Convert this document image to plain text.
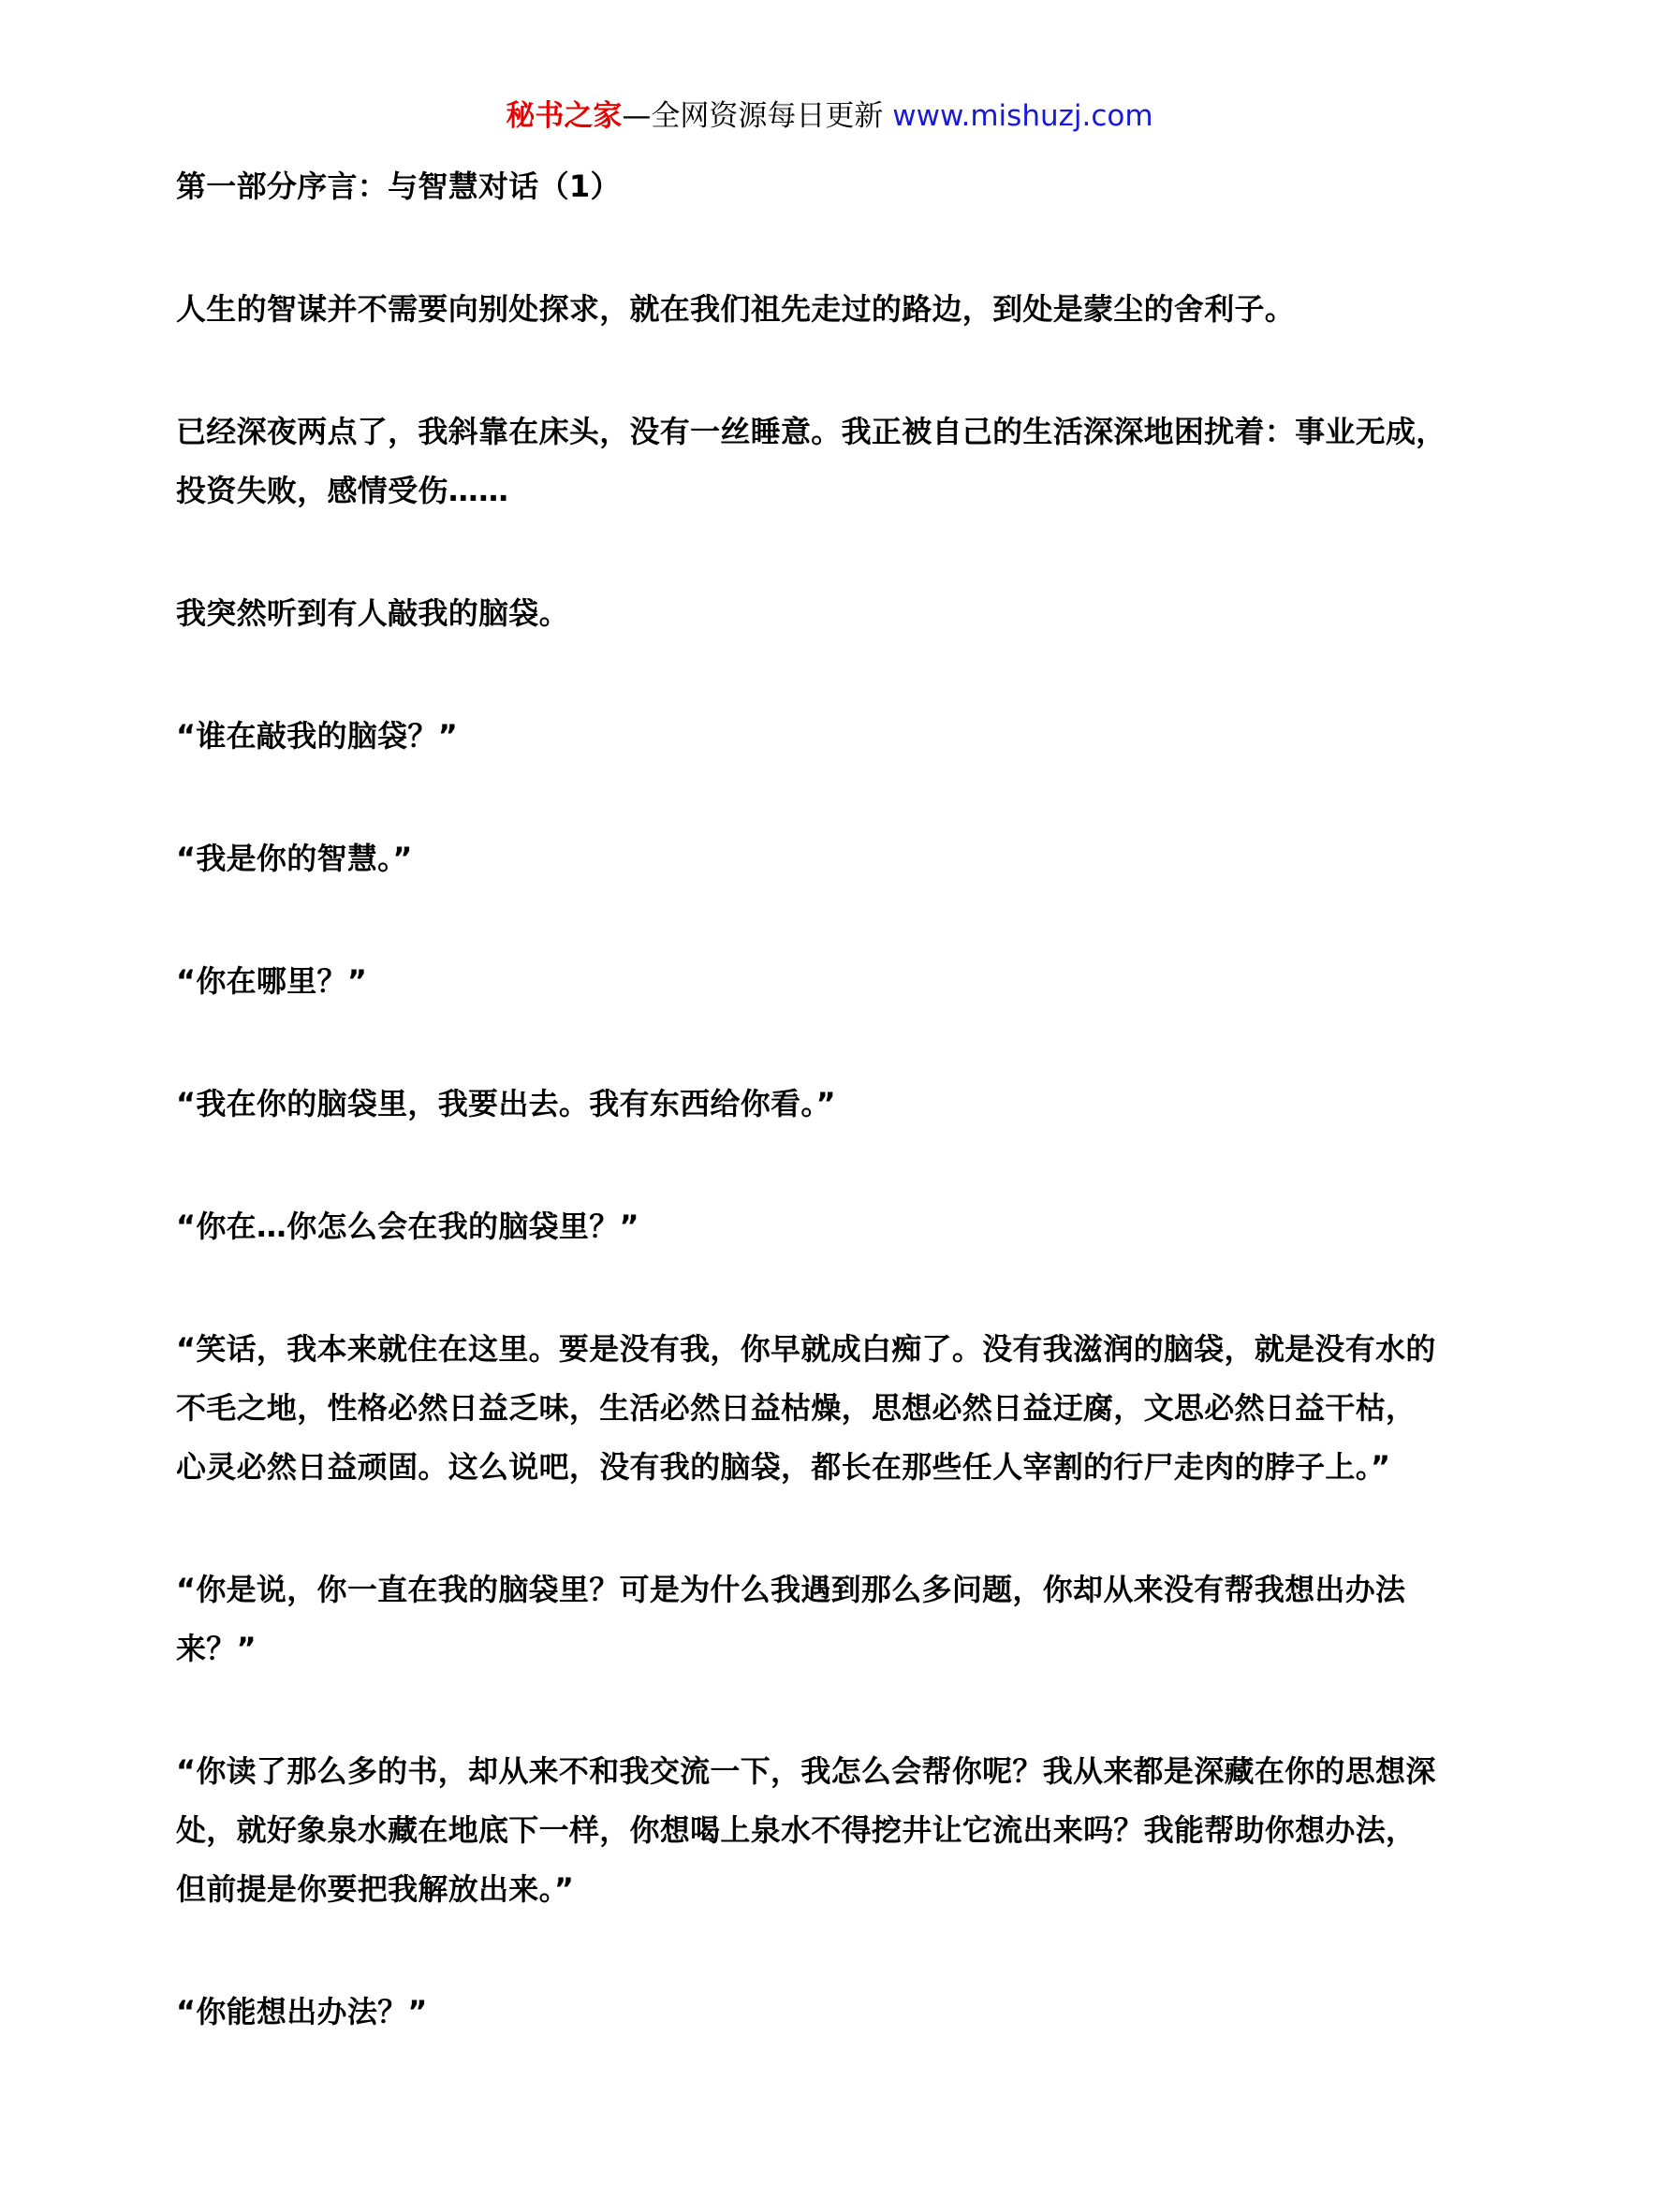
秘书之家—全网资源每日更新 www.mishuzj.com

第一部分序言：与智慧对话（1）

人生的智谋并不需要向别处探求，就在我们祖先走过的路边，到处是蒙尘的舍利子。

已经深夜两点了，我斜靠在床头，没有一丝睡意。我正被自己的生活深深地困扰着：事业无成，
投资失败，感情受伤……

我突然听到有人敲我的脑袋。

“谁在敲我的脑袋？”

“我是你的智慧。”

“你在哪里？”

“我在你的脑袋里，我要出去。我有东西给你看。”

“你在…你怎么会在我的脑袋里？”

“笑话，我本来就住在这里。要是没有我，你早就成白痴了。没有我滋润的脑袋，就是没有水的
不毛之地，性格必然日益乏味，生活必然日益枯燥，思想必然日益迂腐，文思必然日益干枯，
心灵必然日益顽固。这么说吧，没有我的脑袋，都长在那些任人宰割的行尸走肉的脖子上。”

“你是说，你一直在我的脑袋里？可是为什么我遇到那么多问题，你却从来没有帮我想出办法
来？”

“你读了那么多的书，却从来不和我交流一下，我怎么会帮你呢？我从来都是深藏在你的思想深
处，就好象泉水藏在地底下一样，你想喝上泉水不得挖井让它流出来吗？我能帮助你想办法，
但前提是你要把我解放出来。”

“你能想出办法？”
